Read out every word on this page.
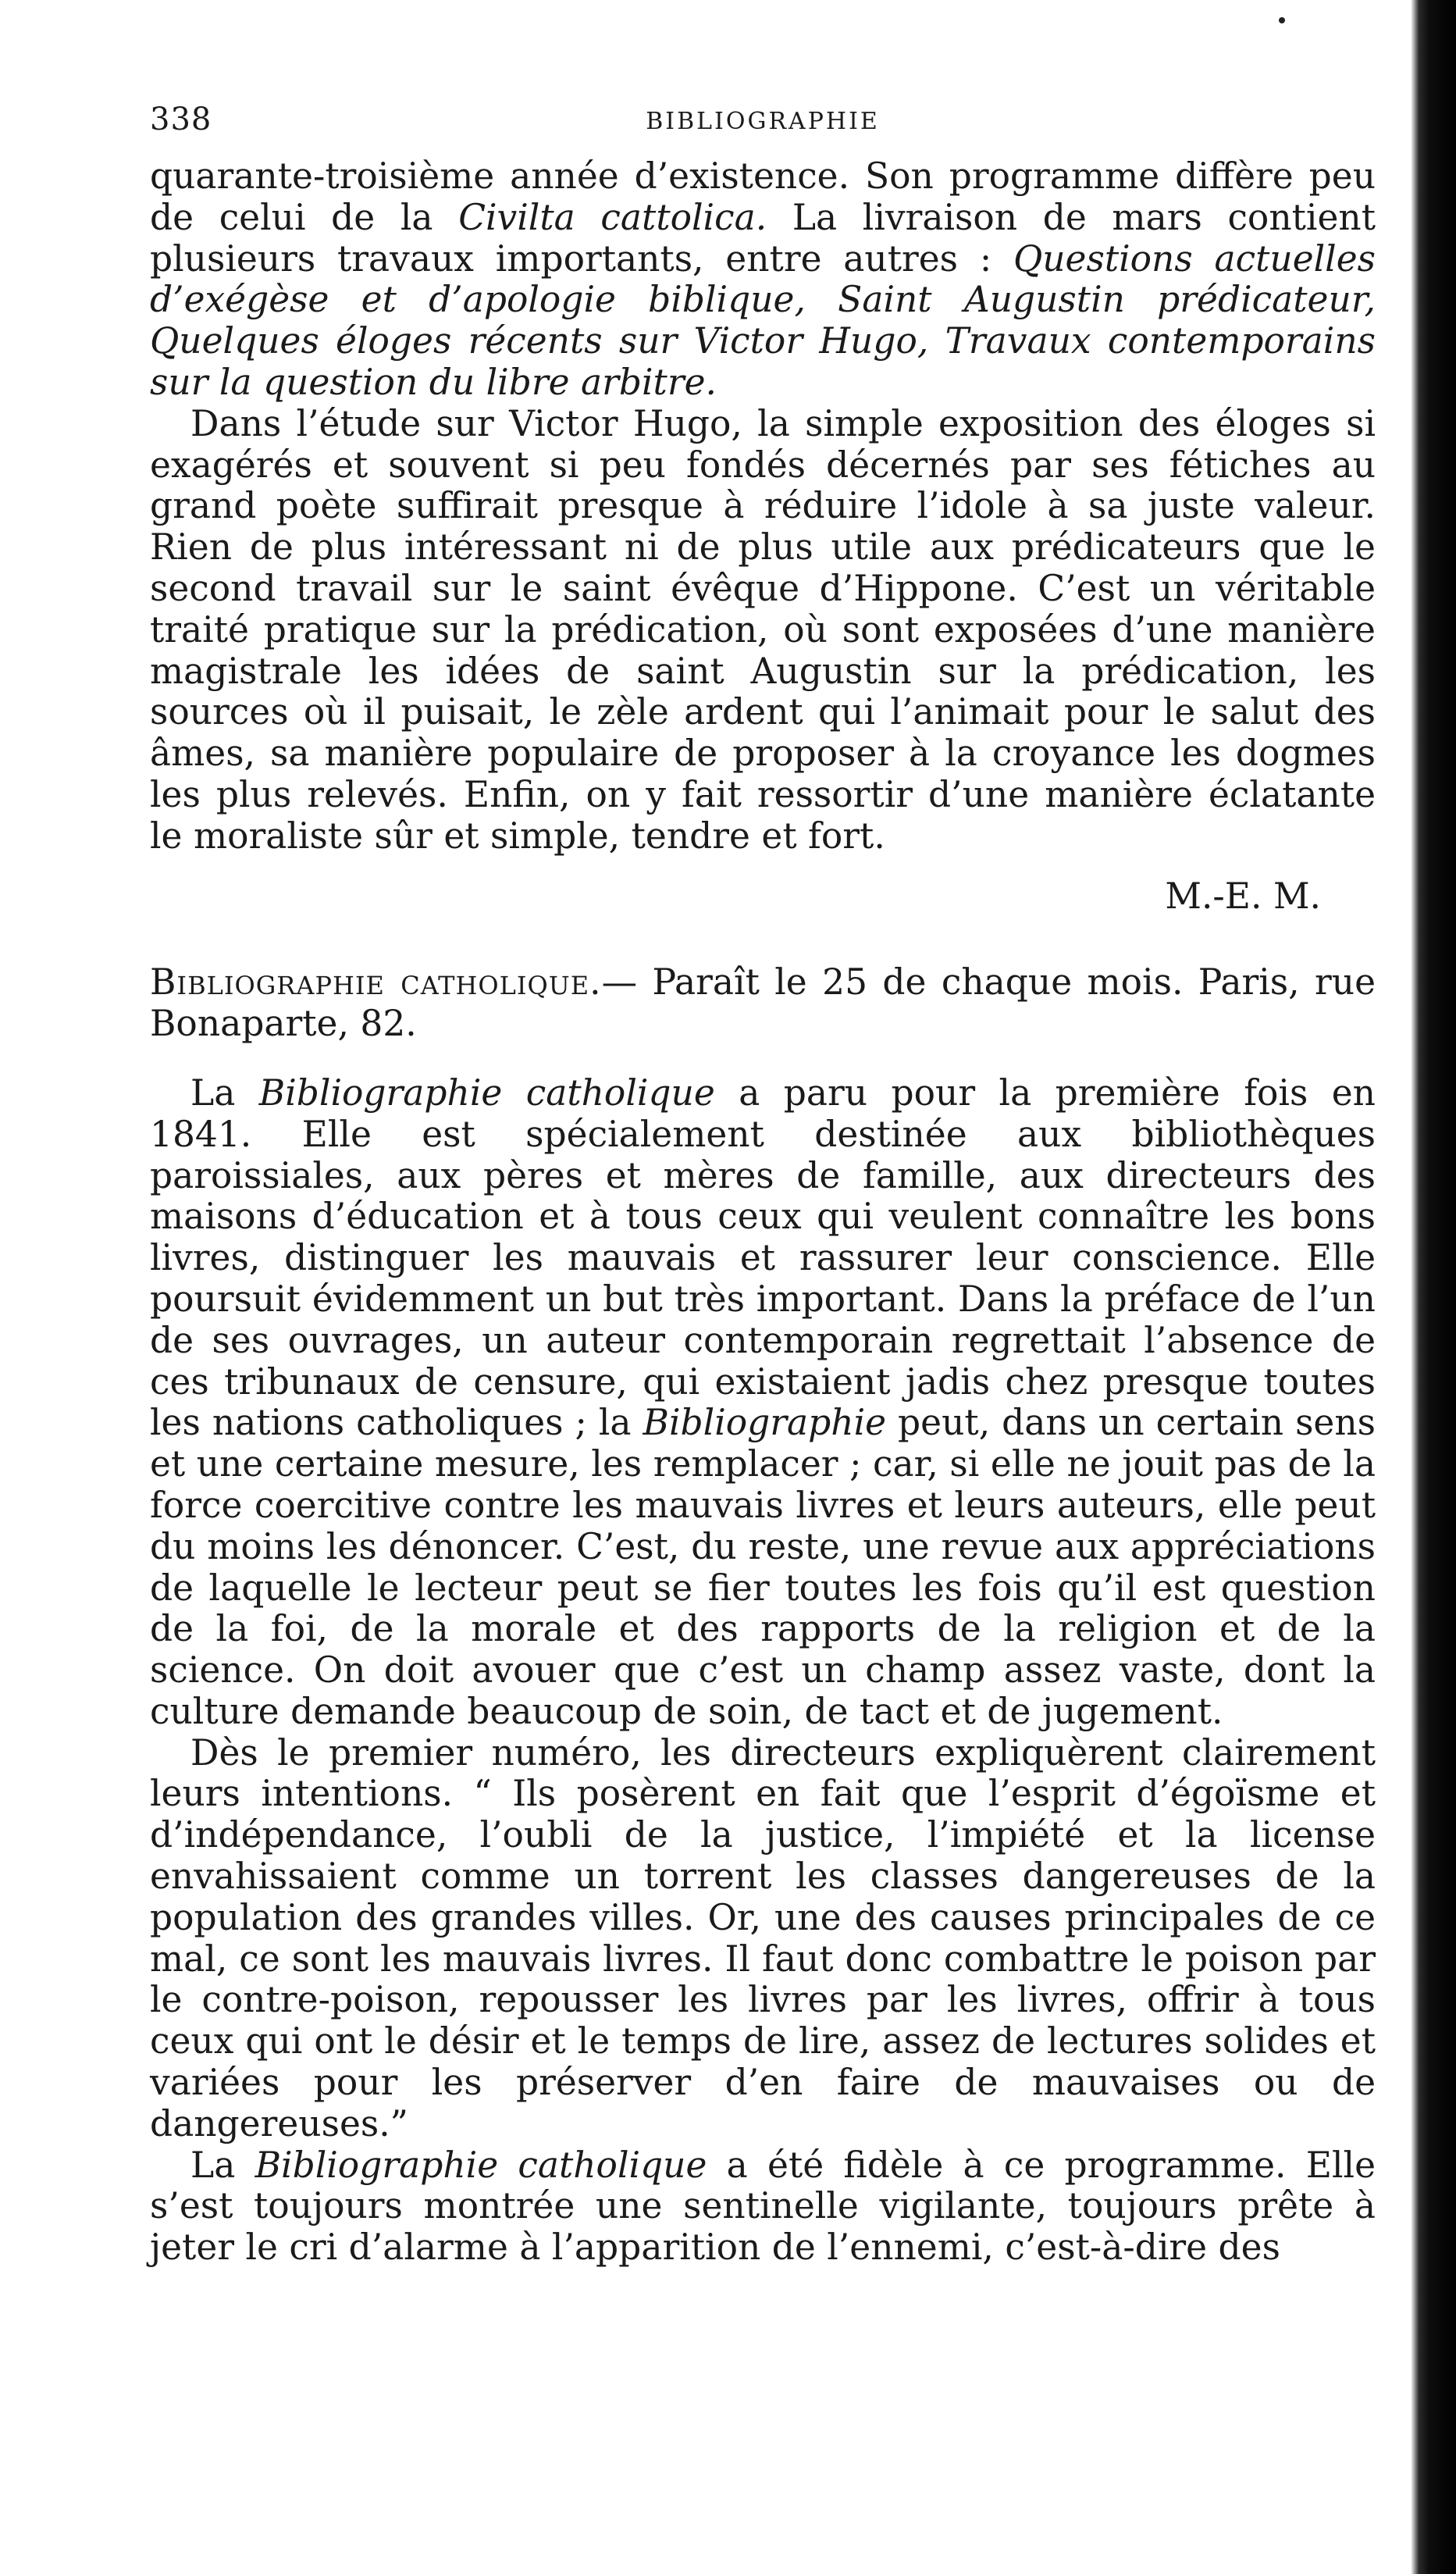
338	BIBLIOGRAPHIE

quarante-troisième année d’existence. Son programme diffère peu de celui de la Civilta cattolica. La livraison de mars contient plusieurs travaux importants, entre autres : Questions actuelles d’exégèse et d’apologie biblique, Saint Augustin prédicateur, Quelques éloges récents sur Victor Hugo, Travaux contemporains sur la question du libre arbitre.

Dans l’étude sur Victor Hugo, la simple exposition des éloges si exagérés et souvent si peu fondés décernés par ses fétiches au grand poète suffirait presque à réduire l’idole à sa juste valeur. Rien de plus intéressant ni de plus utile aux prédicateurs que le second travail sur le saint évêque d’Hippone. C’est un véritable traité pratique sur la prédication, où sont exposées d’une manière magistrale les idées de saint Augustin sur la prédication, les sources où il puisait, le zèle ardent qui l’animait pour le salut des âmes, sa manière populaire de proposer à la croyance les dogmes les plus relevés. Enfin, on y fait ressortir d’une manière éclatante le moraliste sûr et simple, tendre et fort.

M.-E. M.

Bibliographie catholique.— Paraît le 25 de chaque mois. Paris, rue Bonaparte, 82.

La Bibliographie catholique a paru pour la première fois en 1841. Elle est spécialement destinée aux bibliothèques paroissiales, aux pères et mères de famille, aux directeurs des maisons d’éducation et à tous ceux qui veulent connaître les bons livres, distinguer les mauvais et rassurer leur conscience. Elle poursuit évidemment un but très important. Dans la préface de l’un de ses ouvrages, un auteur contemporain regrettait l’absence de ces tribunaux de censure, qui existaient jadis chez presque toutes les nations catholiques ; la Bibliographie peut, dans un certain sens et une certaine mesure, les remplacer ; car, si elle ne jouit pas de la force coercitive contre les mauvais livres et leurs auteurs, elle peut du moins les dénoncer. C’est, du reste, une revue aux appréciations de laquelle le lecteur peut se fier toutes les fois qu’il est question de la foi, de la morale et des rapports de la religion et de la science. On doit avouer que c’est un champ assez vaste, dont la culture demande beaucoup de soin, de tact et de jugement.

Dès le premier numéro, les directeurs expliquèrent clairement leurs intentions. “ Ils posèrent en fait que l’esprit d’égoïsme et d’indépendance, l’oubli de la justice, l’impiété et la license envahissaient comme un torrent les classes dangereuses de la population des grandes villes. Or, une des causes principales de ce mal, ce sont les mauvais livres. Il faut donc combattre le poison par le contre-poison, repousser les livres par les livres, offrir à tous ceux qui ont le désir et le temps de lire, assez de lectures solides et variées pour les préserver d’en faire de mauvaises ou de dangereuses.”

La Bibliographie catholique a été fidèle à ce programme. Elle s’est toujours montrée une sentinelle vigilante, toujours prête à jeter le cri d’alarme à l’apparition de l’ennemi, c’est-à-dire des
